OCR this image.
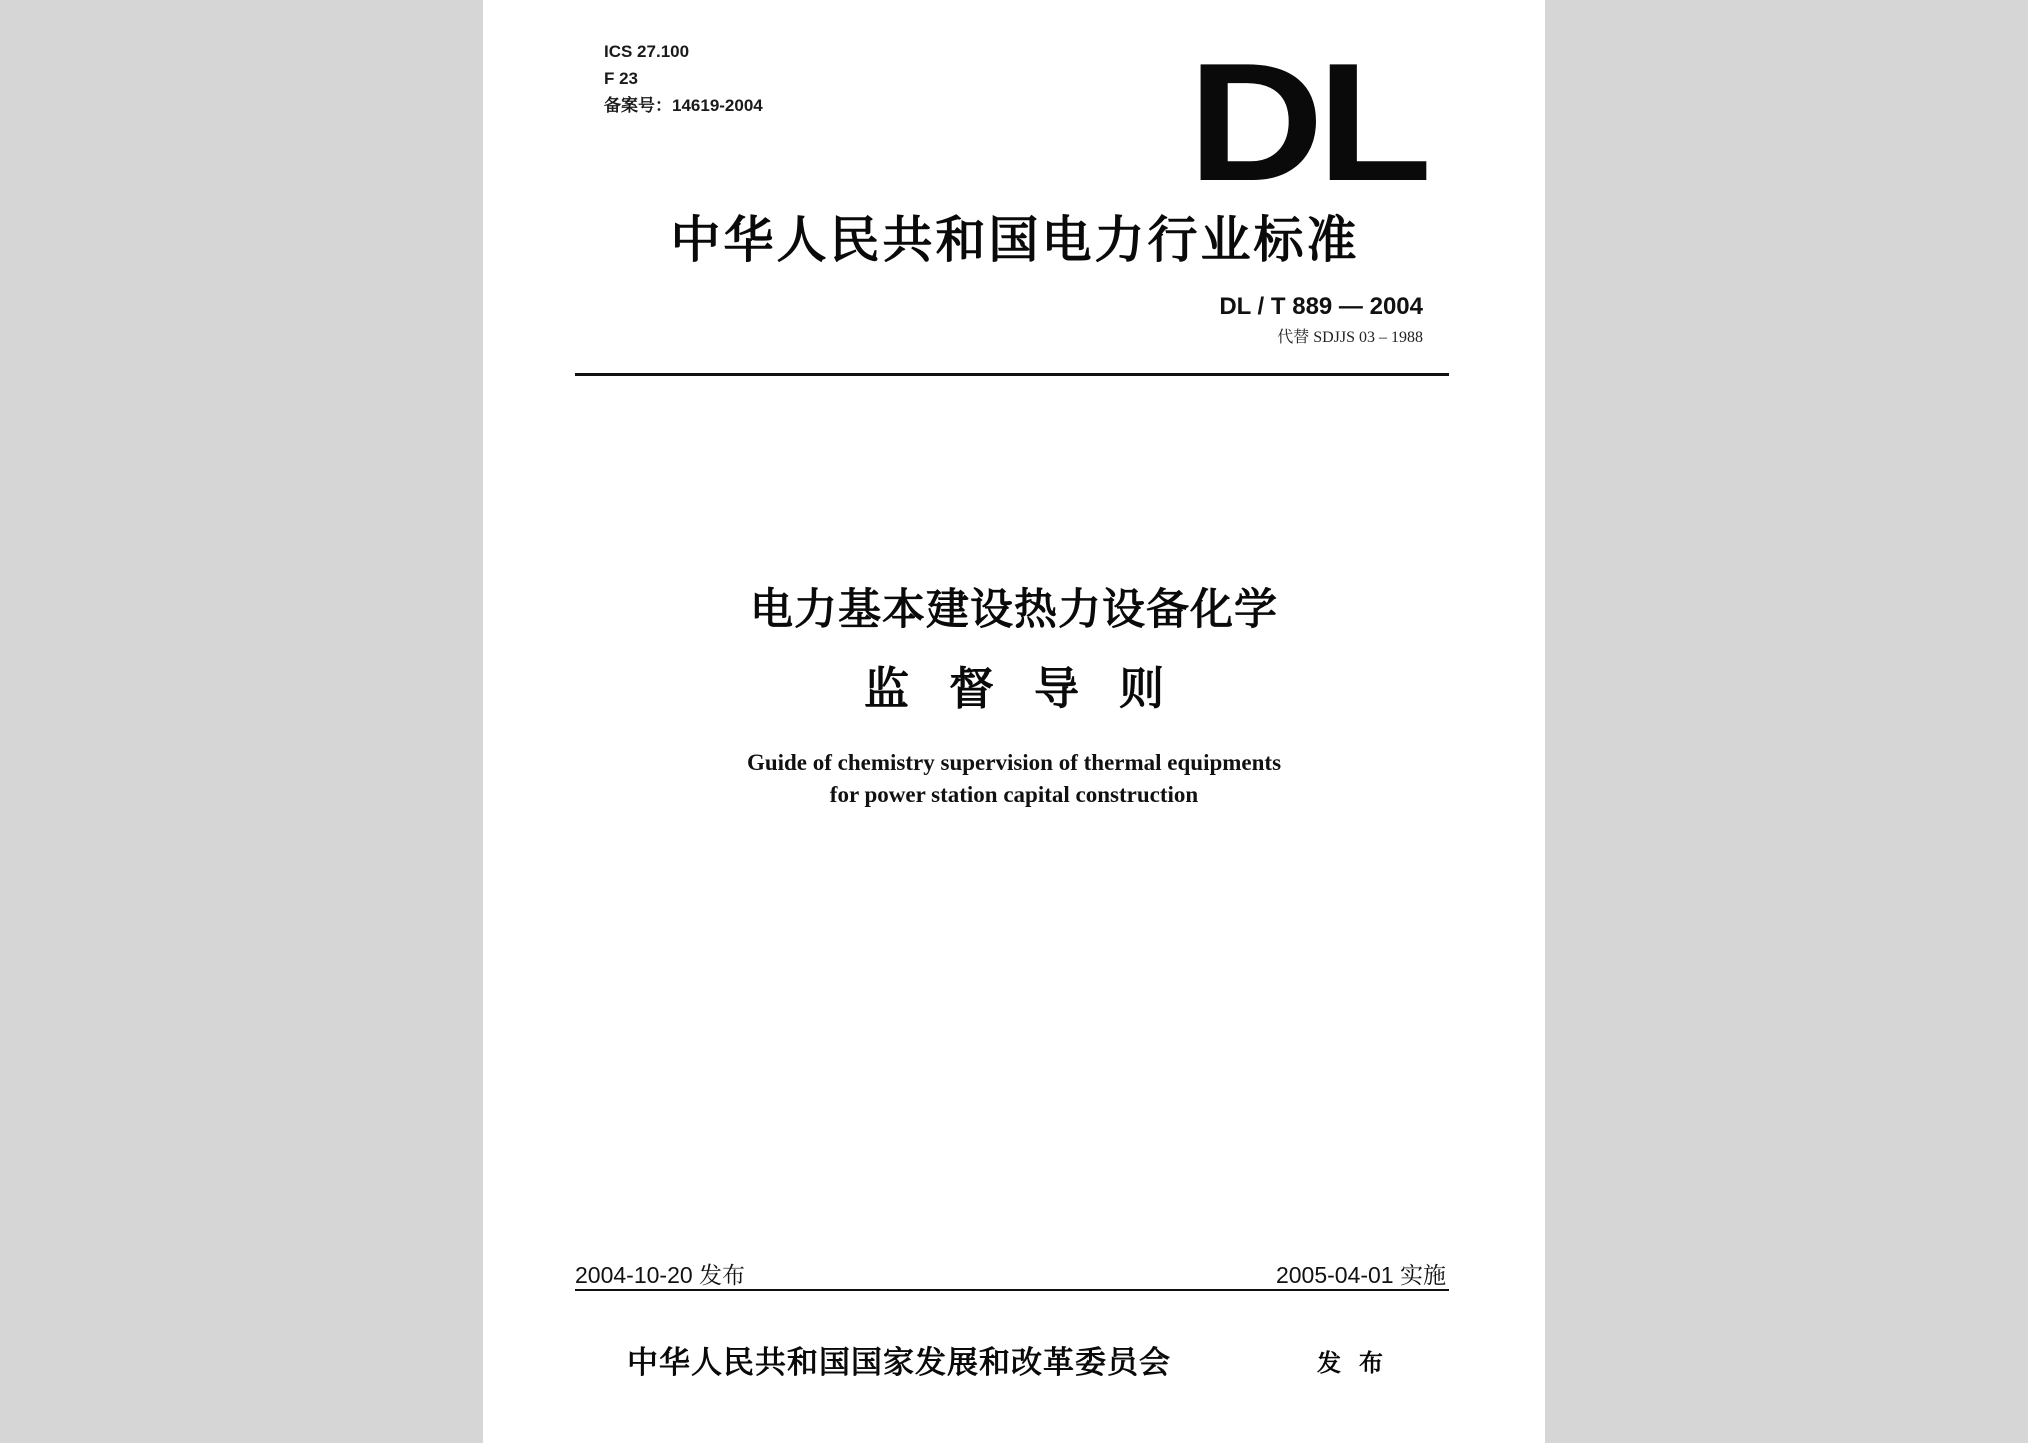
ICS 27.100
F 23
备案号：14619-2004	DL
中华人民共和国电力行业标准
DL / T 889 — 2004
代替 SDJJS 03 – 1988
电力基本建设热力设备化学
监督导则
Guide of chemistry supervision of thermal equipments
for power station capital construction
2004-10-20 发布	2005-04-01 实施
中华人民共和国国家发展和改革委员会	发布
